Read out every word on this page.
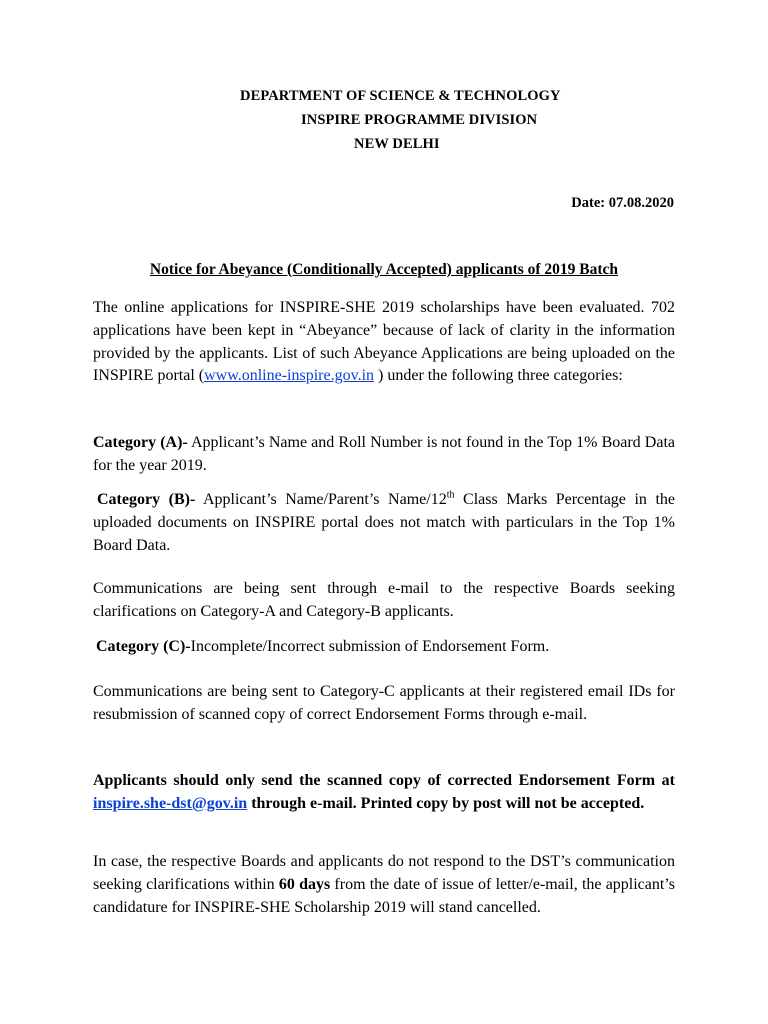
DEPARTMENT OF SCIENCE & TECHNOLOGY
INSPIRE PROGRAMME DIVISION
NEW DELHI
Date: 07.08.2020
Notice for Abeyance (Conditionally Accepted) applicants of 2019 Batch
The online applications for INSPIRE-SHE 2019 scholarships have been evaluated. 702 applications have been kept in “Abeyance” because of lack of clarity in the information provided by the applicants. List of such Abeyance Applications are being uploaded on the INSPIRE portal (www.online-inspire.gov.in ) under the following three categories:
Category (A)- Applicant’s Name and Roll Number is not found in the Top 1% Board Data for the year 2019.
Category (B)- Applicant’s Name/Parent’s Name/12th Class Marks Percentage in the uploaded documents on INSPIRE portal does not match with particulars in the Top 1% Board Data.
Communications are being sent through e-mail to the respective Boards seeking clarifications on Category-A and Category-B applicants.
Category (C)-Incomplete/Incorrect submission of Endorsement Form.
Communications are being sent to Category-C applicants at their registered email IDs for resubmission of scanned copy of correct Endorsement Forms through e-mail.
Applicants should only send the scanned copy of corrected Endorsement Form at inspire.she-dst@gov.in through e-mail. Printed copy by post will not be accepted.
In case, the respective Boards and applicants do not respond to the DST’s communication seeking clarifications within 60 days from the date of issue of letter/e-mail, the applicant’s candidature for INSPIRE-SHE Scholarship 2019 will stand cancelled.
